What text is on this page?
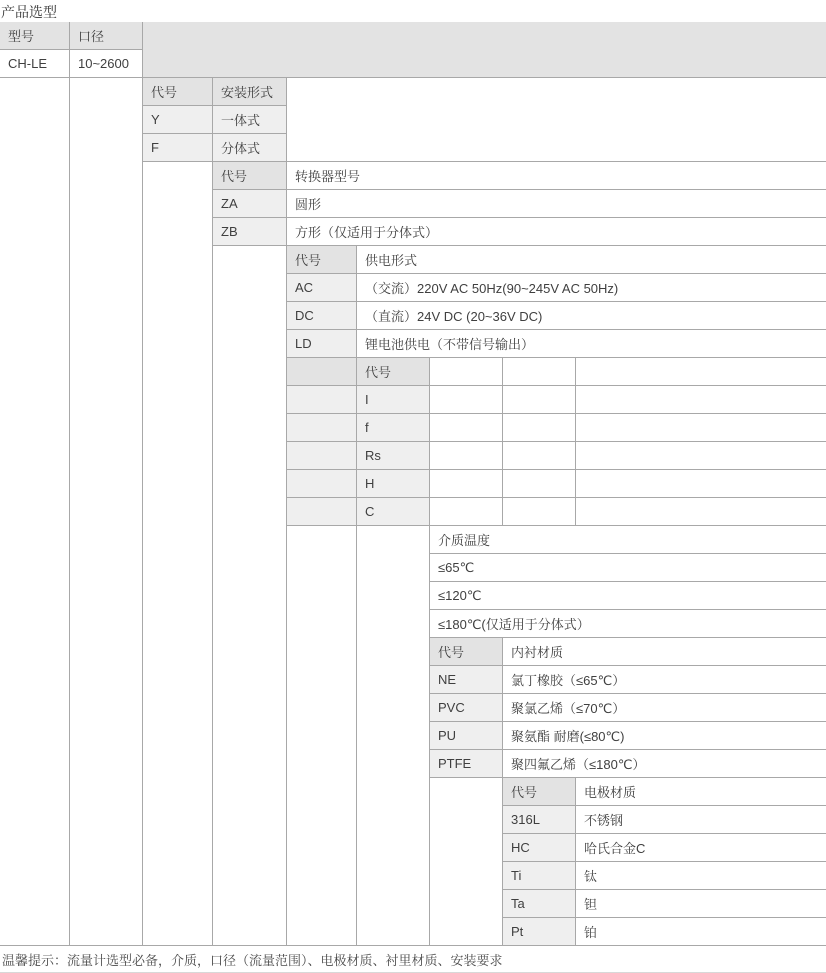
产品选型
型号	口径
CH-LE	10~2600
代号	安装形式
Y	一体式
F	分体式
代号	转换器型号
ZA	圆形
ZB	方形（仅适用于分体式）
代号	供电形式
AC	（交流）220V AC 50Hz(90~245V AC 50Hz)
DC	（直流）24V DC (20~36V DC)
LD	锂电池供电（不带信号输出）
代号
I
f
Rs
H
C
介质温度
≤65℃
≤120℃
≤180℃(仅适用于分体式）
代号	内衬材质
NE	氯丁橡胶（≤65℃）
PVC	聚氯乙烯（≤70℃）
PU	聚氨酯 耐磨(≤80℃)
PTFE	聚四氟乙烯（≤180℃）
代号	电极材质
316L	不锈钢
HC	哈氏合金C
Ti	钛
Ta	钽
Pt	铂
温馨提示：流量计选型必备，介质，口径（流量范围）、电极材质、衬里材质、安装要求
